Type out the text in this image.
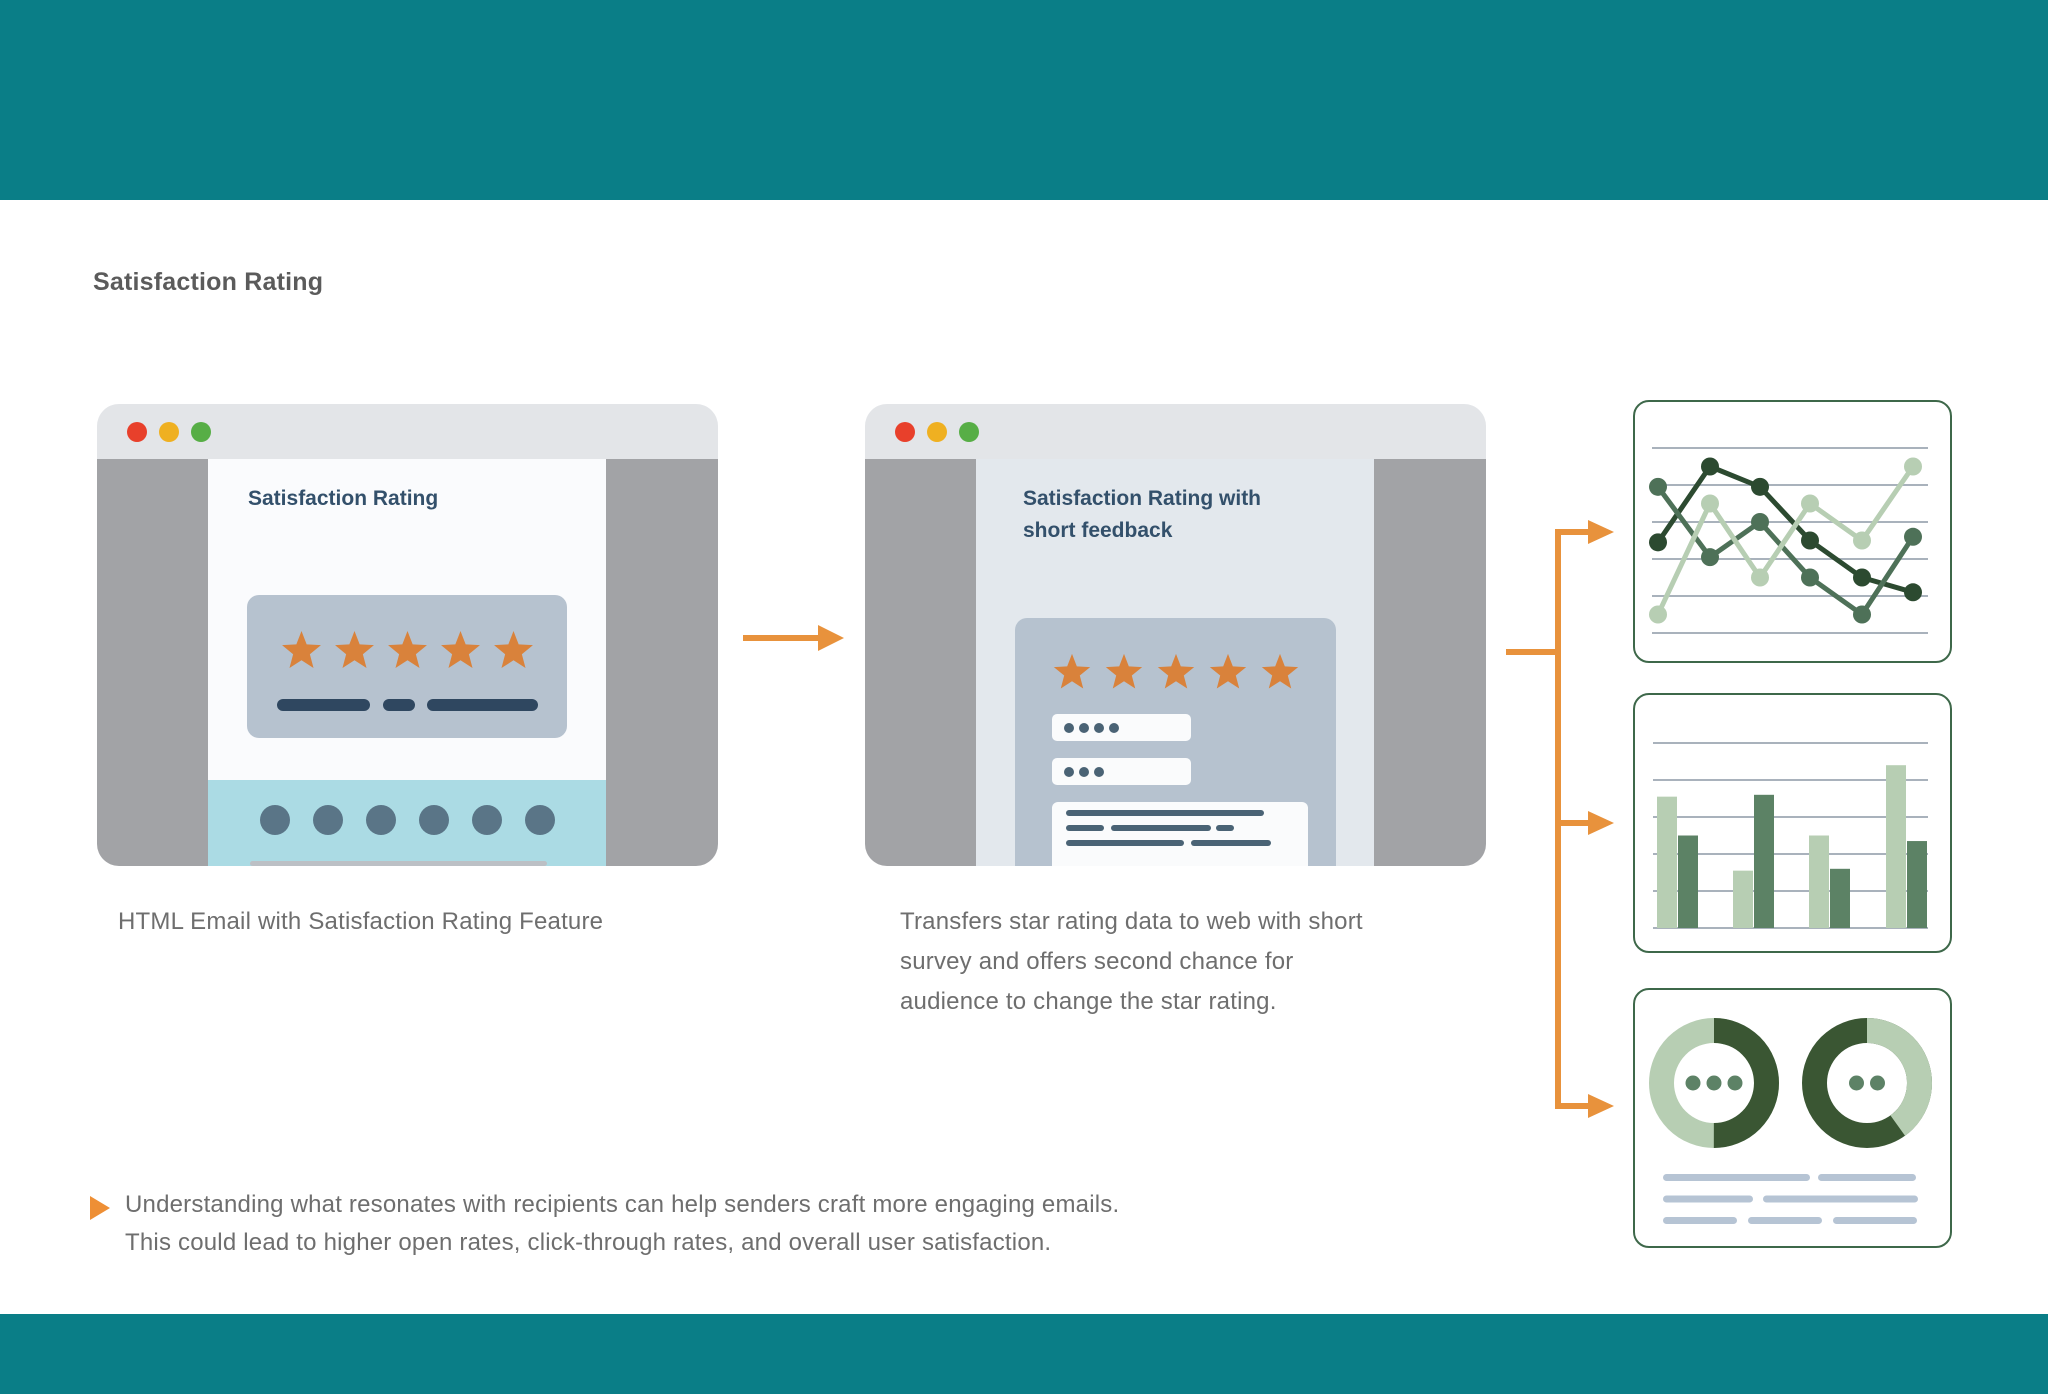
Satisfaction Rating
Satisfaction Rating
HTML Email with Satisfaction Rating Feature
Satisfaction Rating with
short feedback
Transfers star rating data to web with short
survey and offers second chance for
audience to change the star rating.
Understanding what resonates with recipients can help senders craft more engaging emails.
This could lead to higher open rates, click-through rates, and overall user satisfaction.
